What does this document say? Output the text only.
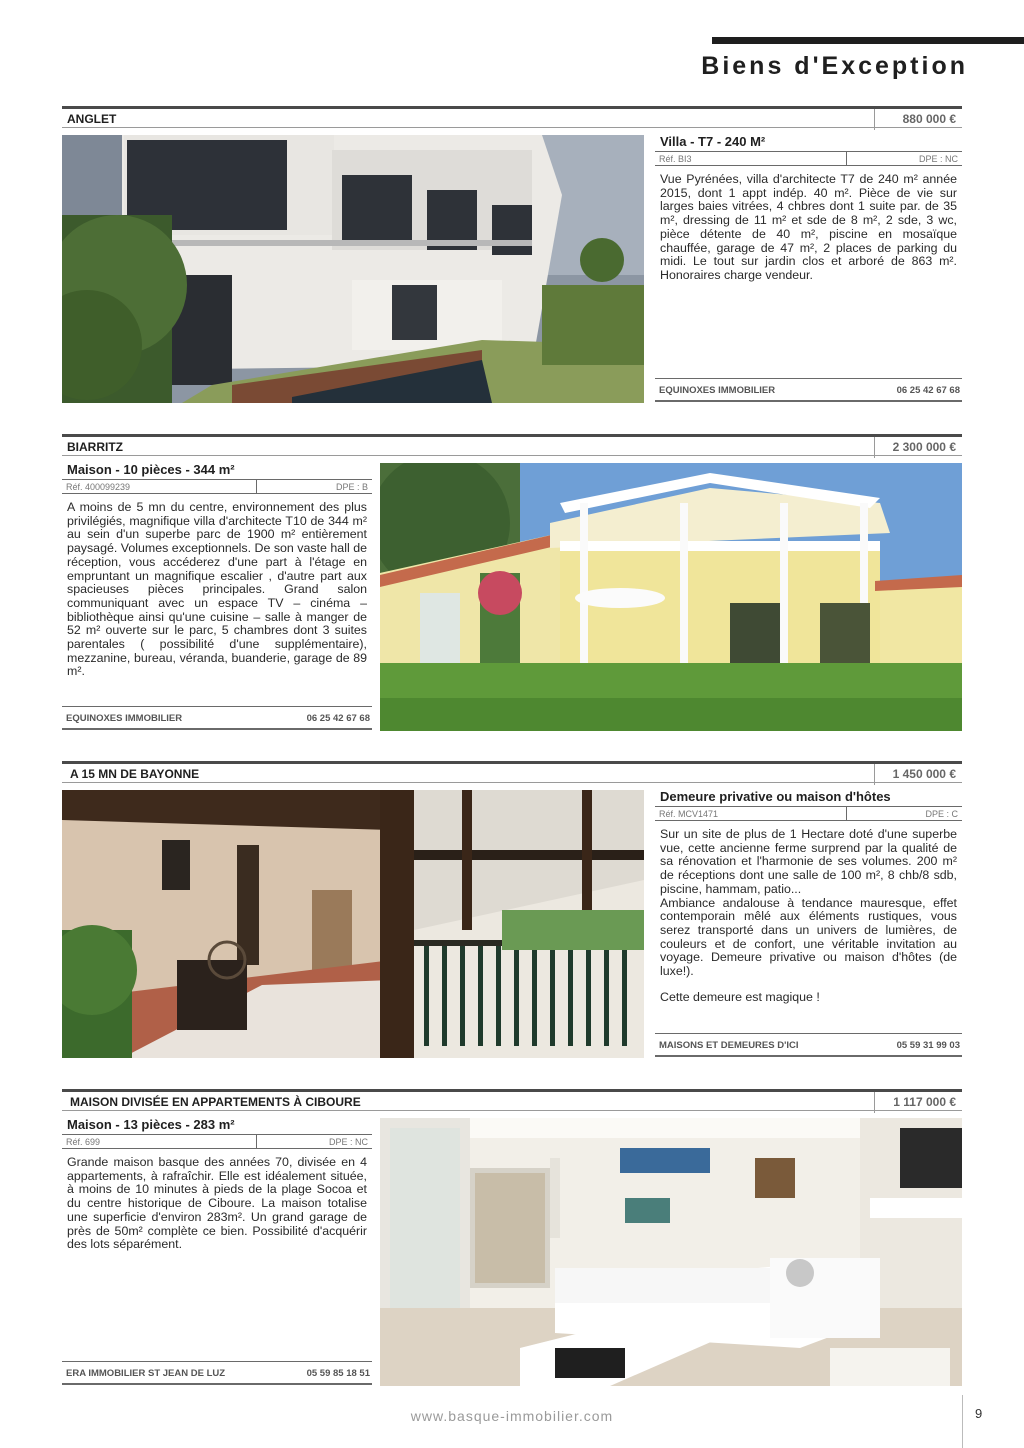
Biens d'Exception
ANGLET	880 000 €
Villa - T7 - 240 M²
Réf. BI3	DPE : NC

Vue Pyrénées, villa d'architecte T7 de 240 m² année 2015, dont 1 appt indép. 40 m². Pièce de vie sur larges baies vitrées, 4 chbres dont 1 suite par. de 35 m², dressing de 11 m² et sde de 8 m², 2 sde, 3 wc, pièce détente de 40 m², piscine en mosaïque chauffée, garage de 47 m², 2 places de parking du midi. Le tout sur jardin clos et arboré de 863 m². Honoraires charge vendeur.

EQUINOXES IMMOBILIER	06 25 42 67 68
BIARRITZ	2 300 000 €
Maison - 10 pièces - 344 m²
Réf. 400099239	DPE : B

A moins de 5 mn du centre, environnement des plus privilégiés, magnifique villa d'architecte T10 de 344 m² au sein d'un superbe parc de 1900 m² entièrement paysagé. Volumes exceptionnels. De son vaste hall de réception, vous accéderez d'une part à l'étage en empruntant un magnifique escalier , d'autre part aux spacieuses pièces principales. Grand salon communiquant avec un espace TV – cinéma – bibliothèque ainsi qu'une cuisine – salle à manger de 52 m² ouverte sur le parc, 5 chambres dont 3 suites parentales ( possibilité d'une supplémentaire), mezzanine, bureau, véranda, buanderie, garage de 89 m².

EQUINOXES IMMOBILIER	06 25 42 67 68
A 15 MN DE BAYONNE	1 450 000 €
Demeure privative ou maison d'hôtes
Réf. MCV1471	DPE : C

Sur un site de plus de 1 Hectare doté d'une superbe vue, cette ancienne ferme surprend par la qualité de sa rénovation et l'harmonie de ses volumes. 200 m² de réceptions dont une salle de 100 m², 8 chb/8 sdb, piscine, hammam, patio...

Ambiance andalouse à tendance mauresque, effet contemporain mêlé aux éléments rustiques, vous serez transporté dans un univers de lumières, de couleurs et de confort, une véritable invitation au voyage. Demeure privative ou maison d'hôtes (de luxe!).

Cette demeure est magique !

MAISONS ET DEMEURES D'ICI	05 59 31 99 03
MAISON DIVISÉE EN APPARTEMENTS À CIBOURE	1 117 000 €
Maison - 13 pièces - 283 m²
Réf. 699	DPE : NC

Grande maison basque des années 70, divisée en 4 appartements, à rafraîchir. Elle est idéalement située, à moins de 10 minutes à pieds de la plage Socoa et du centre historique de Ciboure. La maison totalise une superficie d'environ 283m². Un grand garage de près de 50m² complète ce bien. Possibilité d'acquérir des lots séparément.

ERA IMMOBILIER ST JEAN DE LUZ	05 59 85 18 51
www.basque-immobilier.com	9
